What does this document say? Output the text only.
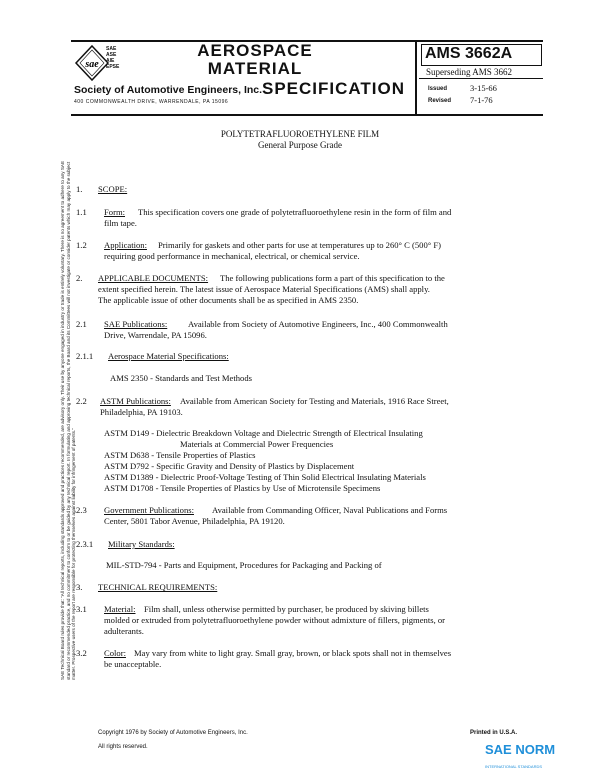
sae
SAE
ASE
AIE
EPSE
AEROSPACE
MATERIAL
SPECIFICATION
Society of Automotive Engineers, Inc.
400 COMMONWEALTH DRIVE, WARRENDALE, PA 15096
AMS 3662A
Superseding AMS 3662
Issued	3-15-66
Revised 7-1-76
SAE Technical Board rules provide that: "All technical reports, including standards approved and practices recommended, are advisory only. Their use by anyone engaged in industry or trade is entirely voluntary. There is no agreement to adhere to any SAE standard or recommended practice, and no commitment to conform to or be guided by any technical report. In formulating and approving technical reports, the Board and its Committees will not investigate or consider patents which may apply to the subject matter. Prospective users of the report are responsible for protecting themselves against liability for infringement of patents."
POLYTETRAFLUOROETHYLENE FILM
General Purpose Grade
1. SCOPE:
1.1 Form: This specification covers one grade of polytetrafluoroethylene resin in the form of film and
film tape.
1.2 Application: Primarily for gaskets and other parts for use at temperatures up to 260° C (500° F)
requiring good performance in mechanical, electrical, or chemical service.
2. APPLICABLE DOCUMENTS: The following publications form a part of this specification to the
extent specified herein. The latest issue of Aerospace Material Specifications (AMS) shall apply.
The applicable issue of other documents shall be as specified in AMS 2350.
2.1 SAE Publications: Available from Society of Automotive Engineers, Inc., 400 Commonwealth
Drive, Warrendale, PA 15096.
2.1.1 Aerospace Material Specifications:
AMS 2350 - Standards and Test Methods
2.2 ASTM Publications: Available from American Society for Testing and Materials, 1916 Race Street,
Philadelphia, PA 19103.
ASTM D149 - Dielectric Breakdown Voltage and Dielectric Strength of Electrical Insulating
Materials at Commercial Power Frequencies
ASTM D638 - Tensile Properties of Plastics
ASTM D792 - Specific Gravity and Density of Plastics by Displacement
ASTM D1389 - Dielectric Proof-Voltage Testing of Thin Solid Electrical Insulating Materials
ASTM D1708 - Tensile Properties of Plastics by Use of Microtensile Specimens
2.3 Government Publications: Available from Commanding Officer, Naval Publications and Forms
Center, 5801 Tabor Avenue, Philadelphia, PA 19120.
2.3.1 Military Standards:
MIL-STD-794 - Parts and Equipment, Procedures for Packaging and Packing of
3. TECHNICAL REQUIREMENTS:
3.1 Material: Film shall, unless otherwise permitted by purchaser, be produced by skiving billets
molded or extruded from polytetrafluoroethylene powder without admixture of fillers, pigments, or
adulterants.
3.2 Color: May vary from white to light gray. Small gray, brown, or black spots shall not in themselves
be unacceptable.
Copyright 1976 by Society of Automotive Engineers, Inc.
All rights reserved.
Printed in U.S.A.
SAE NORM
INTERNATIONAL STANDARDS
